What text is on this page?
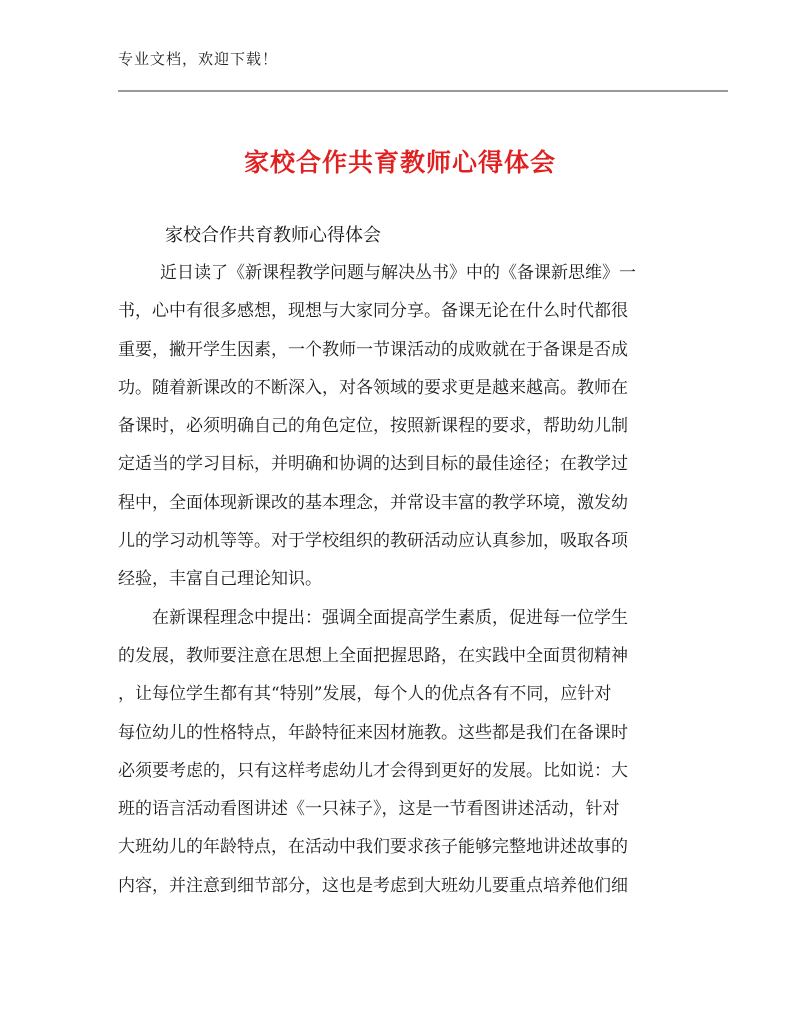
专业文档，欢迎下载！
家校合作共育教师心得体会
家校合作共育教师心得体会
近日读了《新课程教学问题与解决丛书》中的《备课新思维》一
书，心中有很多感想，现想与大家同分享。备课无论在什么时代都很
重要，撇开学生因素，一个教师一节课活动的成败就在于备课是否成
功。随着新课改的不断深入，对各领域的要求更是越来越高。教师在
备课时，必须明确自己的角色定位，按照新课程的要求，帮助幼儿制
定适当的学习目标，并明确和协调的达到目标的最佳途径；在教学过
程中，全面体现新课改的基本理念，并常设丰富的教学环境，激发幼
儿的学习动机等等。对于学校组织的教研活动应认真参加，吸取各项
经验，丰富自己理论知识。
在新课程理念中提出：强调全面提高学生素质，促进每一位学生
的发展，教师要注意在思想上全面把握思路，在实践中全面贯彻精神
，让每位学生都有其“特别”发展，每个人的优点各有不同，应针对
每位幼儿的性格特点，年龄特征来因材施教。这些都是我们在备课时
必须要考虑的，只有这样考虑幼儿才会得到更好的发展。比如说：大
班的语言活动看图讲述《一只袜子》，这是一节看图讲述活动，针对
大班幼儿的年龄特点，在活动中我们要求孩子能够完整地讲述故事的
内容，并注意到细节部分，这也是考虑到大班幼儿要重点培养他们细
